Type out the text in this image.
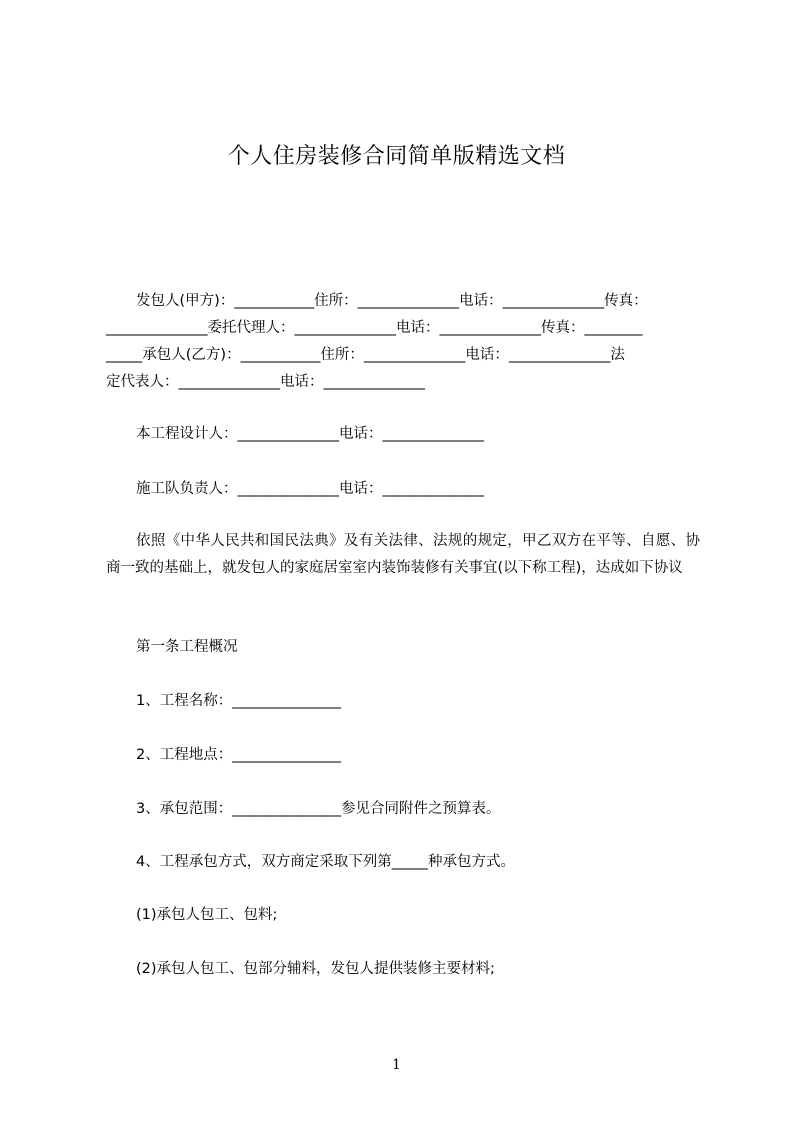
个人住房装修合同简单版精选文档
发包人(甲方)：___________住所：______________电话：______________传真：
______________委托代理人：______________电话：______________传真：________
_____承包人(乙方)：___________住所：______________电话：______________法
定代表人：______________电话：______________
本工程设计人：______________电话：______________
施工队负责人：______________电话：______________
依照《中华人民共和国民法典》及有关法律、法规的规定，甲乙双方在平等、自愿、协商一致的基础上，就发包人的家庭居室室内装饰装修有关事宜(以下称工程)，达成如下协议
第一条工程概况
1、工程名称：_______________
2、工程地点：_______________
3、承包范围：_______________参见合同附件之预算表。
4、工程承包方式，双方商定采取下列第_____种承包方式。
(1)承包人包工、包料;
(2)承包人包工、包部分辅料，发包人提供装修主要材料;
1
